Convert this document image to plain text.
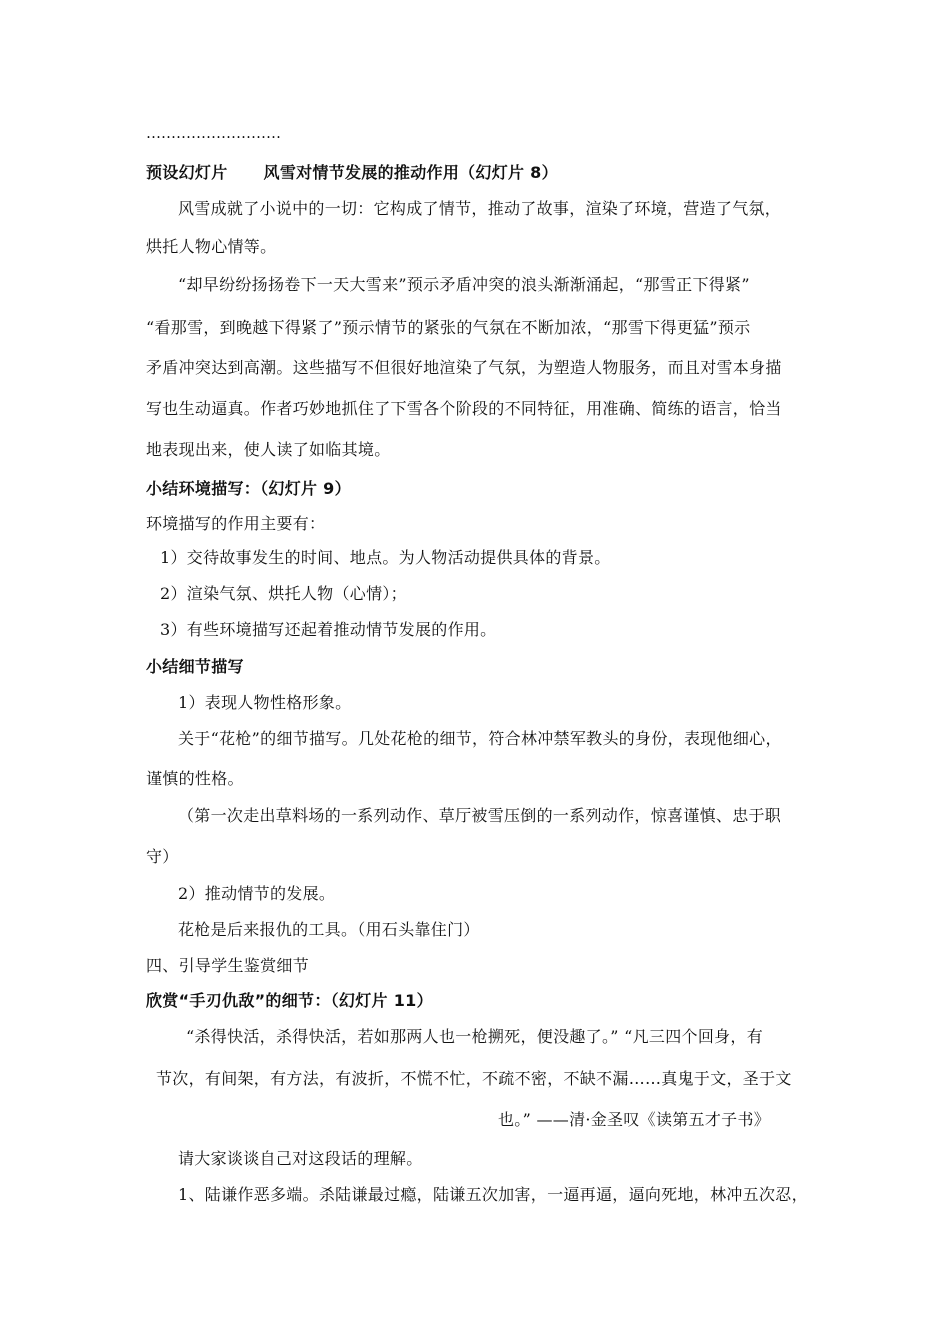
………………………
预设幻灯片 风雪对情节发展的推动作用（幻灯片 8）
风雪成就了小说中的一切：它构成了情节，推动了故事，渲染了环境，营造了气氛，
烘托人物心情等。
“却早纷纷扬扬卷下一天大雪来”预示矛盾冲突的浪头渐渐涌起，“那雪正下得紧”
“看那雪，到晚越下得紧了”预示情节的紧张的气氛在不断加浓，“那雪下得更猛”预示
矛盾冲突达到高潮。这些描写不但很好地渲染了气氛，为塑造人物服务，而且对雪本身描
写也生动逼真。作者巧妙地抓住了下雪各个阶段的不同特征，用准确、简练的语言，恰当
地表现出来，使人读了如临其境。
小结环境描写：（幻灯片 9）
环境描写的作用主要有：
1）交待故事发生的时间、地点。为人物活动提供具体的背景。
2）渲染气氛、烘托人物（心情）；
3）有些环境描写还起着推动情节发展的作用。
小结细节描写
1）表现人物性格形象。
关于“花枪”的细节描写。几处花枪的细节，符合林冲禁军教头的身份，表现他细心，
谨慎的性格。
（第一次走出草料场的一系列动作、草厅被雪压倒的一系列动作，惊喜谨慎、忠于职
守）
2）推动情节的发展。
花枪是后来报仇的工具。（用石头靠住门）
四、引导学生鉴赏细节
欣赏“手刃仇敌”的细节：（幻灯片 11）
“杀得快活，杀得快活，若如那两人也一枪搠死，便没趣了。” “凡三四个回身，有
节次，有间架，有方法，有波折，不慌不忙，不疏不密，不缺不漏……真鬼于文，圣于文
也。” ——清·金圣叹《读第五才子书》
请大家谈谈自己对这段话的理解。
1、陆谦作恶多端。杀陆谦最过瘾，陆谦五次加害，一逼再逼，逼向死地，林冲五次忍，
